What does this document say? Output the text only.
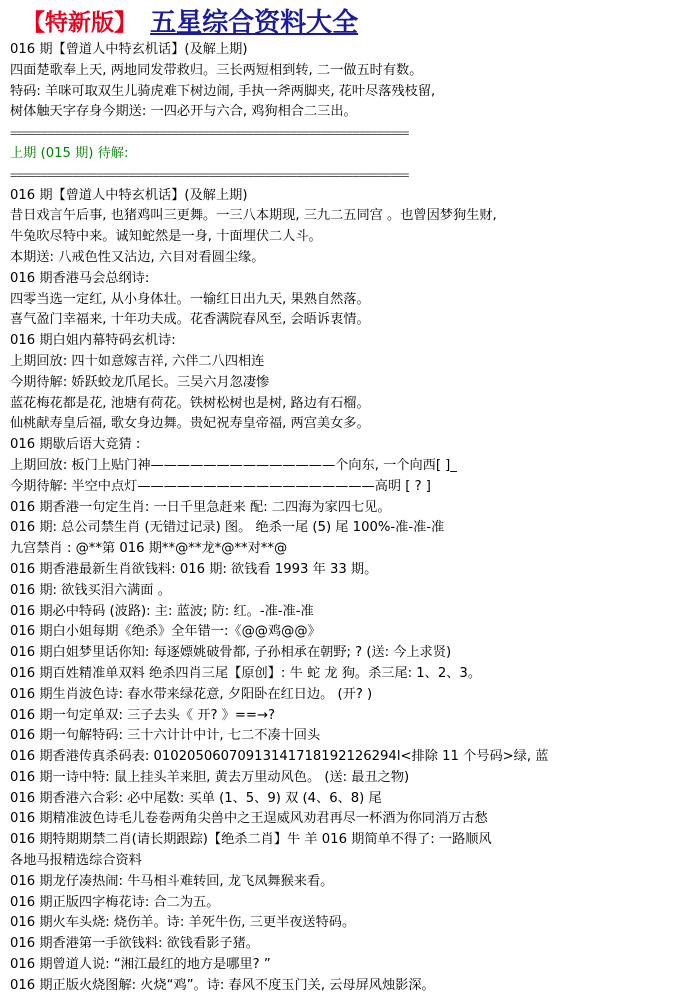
【特新版】 五星综合资料大全
016 期【曾道人中特玄机话】(及解上期)
四面楚歌奉上天, 两地同发带救归。三长两短相到转, 二一做五时有数。
特码: 羊咪可取双生儿骑虎难下树边闹, 手执一斧两脚夹, 花叶尽落残枝留,
树体触天字存身今期送: 一四必开与六合, 鸡狗相合二三出。
================================================================
上期 (015 期) 待解:
================================================================
016 期【曾道人中特玄机话】(及解上期)
昔日戏言午后事, 也猪鸡叫三更舞。一三八本期现, 三九二五同宫 。也曾因梦狗生财,
牛兔吹尽特中来。诚知蛇然是一身, 十面埋伏二人斗。
本期送: 八戒色性又沾边, 六目对看圆尘缘。
016 期香港马会总纲诗:
四零当选一定红, 从小身体壮。一输红日出九天, 果熟自然落。
喜气盈门幸福来, 十年功夫成。花香满院春风至, 会晤诉衷情。
016 期白姐内幕特码玄机诗:
上期回放: 四十如意嫁吉祥, 六伴二八四相连
今期待解: 娇跃蛟龙爪尾长。三吴六月忽凄惨
蓝花梅花都是花, 池塘有荷花。铁树松树也是树, 路边有石榴。
仙桃献寿皇后福, 歌女身边舞。贵妃祝寿皇帝福, 两宫美女多。
016 期歇后语大竞猜 :
上期回放: 板门上贴门神——————————————个向东, 一个向西[ ]_
今期待解: 半空中点灯——————————————————高明 [ ? ]
016 期香港一句定生肖: 一日千里急赶来 配: 二四海为家四七见。
016 期: 总公司禁生肖 (无错过记录) 图。 绝杀一尾 (5) 尾 100%-准-准-准
九宫禁肖 : @**第 016 期**@**龙*@**对**@
016 期香港最新生肖欲钱料: 016 期: 欲钱看 1993 年 33 期。
016 期: 欲钱买泪六满面 。
016 期必中特码 (波路): 主: 蓝波; 防: 红。-准-准-准
016 期白小姐每期《绝杀》全年错一:《@@鸡@@》
016 期白姐梦里话你知: 每逐嫖姚破骨都, 子孙相承在朝野; ? (送: 今上求贤)
016 期百姓精准单双料 绝杀四肖三尾【原创】: 牛 蛇 龙 狗。杀三尾: 1、2、3。
016 期生肖波色诗: 春水带来绿花意, 夕阳卧在红日边。 (开? )
016 期一句定单双: 三子去头《 开? 》==→?
016 期一句解特码: 三十六计计中计, 七二不凑十回头
016 期香港传真杀码表: 01020506070913141718192126294l<排除 11 个号码>绿, 蓝
016 期一诗中特: 鼠上挂头羊来胆, 黄去万里动风色。 (送: 最丑之物)
016 期香港六合彩: 必中尾数: 买单 (1、5、9) 双 (4、6、8) 尾
016 期精准波色诗毛儿卷卷两角尖兽中之王逞威风劝君再尽一杯酒为你同消万古愁
016 期特期期禁二肖(请长期跟踪)【绝杀二肖】牛 羊 016 期简单不得了: 一路顺风
各地马报精选综合资料
016 期龙仔凑热闹: 牛马相斗难转回, 龙飞凤舞猴来看。
016 期正版四字梅花诗: 合二为五。
016 期火车头烧: 烧伤羊。诗: 羊死牛伤, 三更半夜送特码。
016 期香港第一手欲钱料: 欲钱看影子猪。
016 期曾道人说: “湘江最红的地方是哪里? ”
016 期正版火烧图解: 火烧“鸡”。诗: 春风不度玉门关, 云母屏风烛影深。
